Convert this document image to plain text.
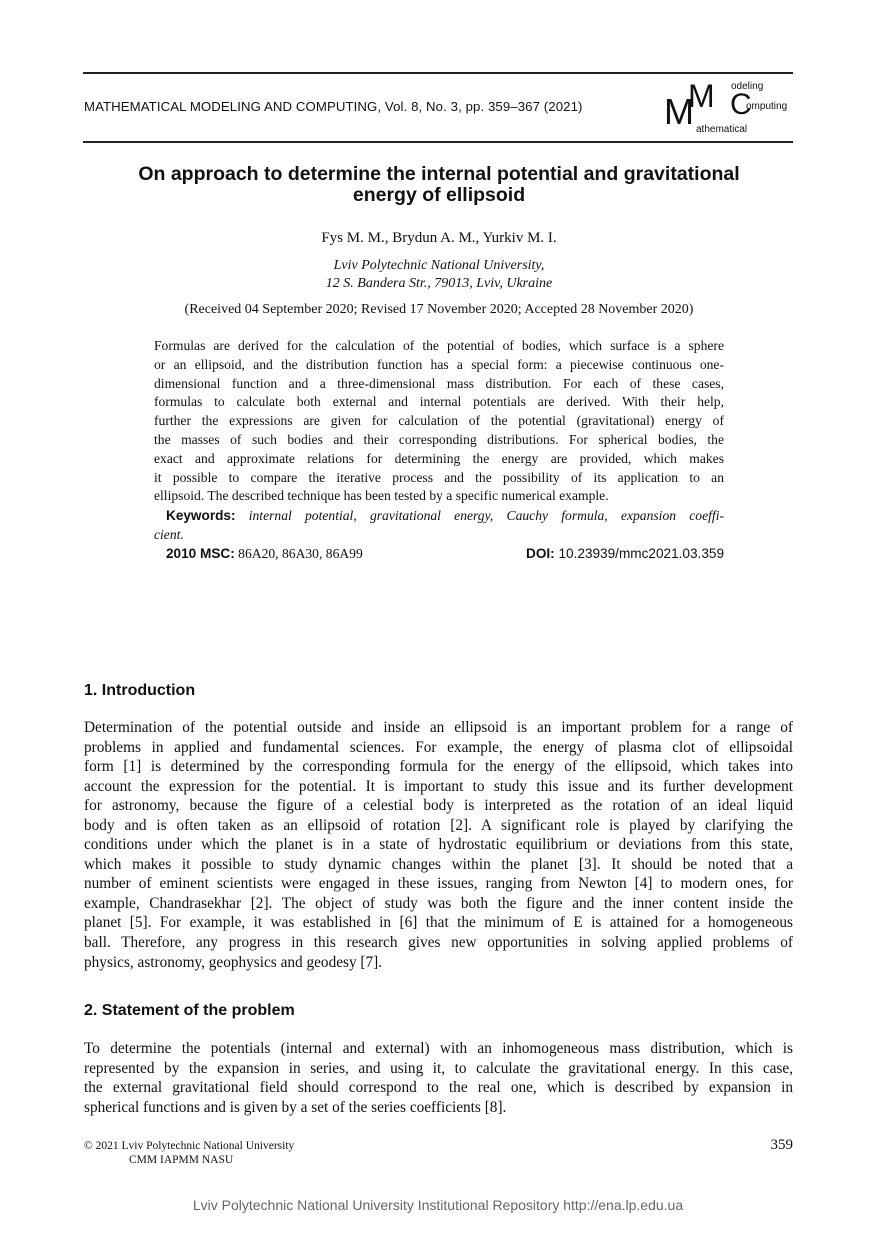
MATHEMATICAL MODELING AND COMPUTING, Vol. 8, No. 3, pp. 359–367 (2021) M
M C
odeling
omputing
athematical
On approach to determine the internal potential and gravitational
energy of ellipsoid
Fys M. M., Brydun A. M., Yurkiv M. I.
Lviv Polytechnic National University,
12 S. Bandera Str., 79013, Lviv, Ukraine
(Received 04 September 2020; Revised 17 November 2020; Accepted 28 November 2020)
Formulas are derived for the calculation of the potential of bodies, which surface is a sphere
or an ellipsoid, and the distribution function has a special form: a piecewise continuous one-
dimensional function and a three-dimensional mass distribution. For each of these cases,
formulas to calculate both external and internal potentials are derived. With their help,
further the expressions are given for calculation of the potential (gravitational) energy of
the masses of such bodies and their corresponding distributions. For spherical bodies, the
exact and approximate relations for determining the energy are provided, which makes
it possible to compare the iterative process and the possibility of its application to an
ellipsoid. The described technique has been tested by a specific numerical example.
Keywords: internal potential, gravitational energy, Cauchy formula, expansion coeffi-
cient.
2010 MSC: 86A20, 86A30, 86A99	DOI: 10.23939/mmc2021.03.359
1. Introduction
Determination of the potential outside and inside an ellipsoid is an important problem for a range of
problems in applied and fundamental sciences. For example, the energy of plasma clot of ellipsoidal
form [1] is determined by the corresponding formula for the energy of the ellipsoid, which takes into
account the expression for the potential. It is important to study this issue and its further development
for astronomy, because the figure of a celestial body is interpreted as the rotation of an ideal liquid
body and is often taken as an ellipsoid of rotation [2]. A significant role is played by clarifying the
conditions under which the planet is in a state of hydrostatic equilibrium or deviations from this state,
which makes it possible to study dynamic changes within the planet [3]. It should be noted that a
number of eminent scientists were engaged in these issues, ranging from Newton [4] to modern ones, for
example, Chandrasekhar [2]. The object of study was both the figure and the inner content inside the
planet [5]. For example, it was established in [6] that the minimum of E is attained for a homogeneous
ball. Therefore, any progress in this research gives new opportunities in solving applied problems of
physics, astronomy, geophysics and geodesy [7].
2. Statement of the problem
To determine the potentials (internal and external) with an inhomogeneous mass distribution, which is
represented by the expansion in series, and using it, to calculate the gravitational energy. In this case,
the external gravitational field should correspond to the real one, which is described by expansion in
spherical functions and is given by a set of the series coefficients [8].
© 2021 Lviv Polytechnic National University
CMM IAPMM NASU
359
Lviv Polytechnic National University Institutional Repository http://ena.lp.edu.ua
